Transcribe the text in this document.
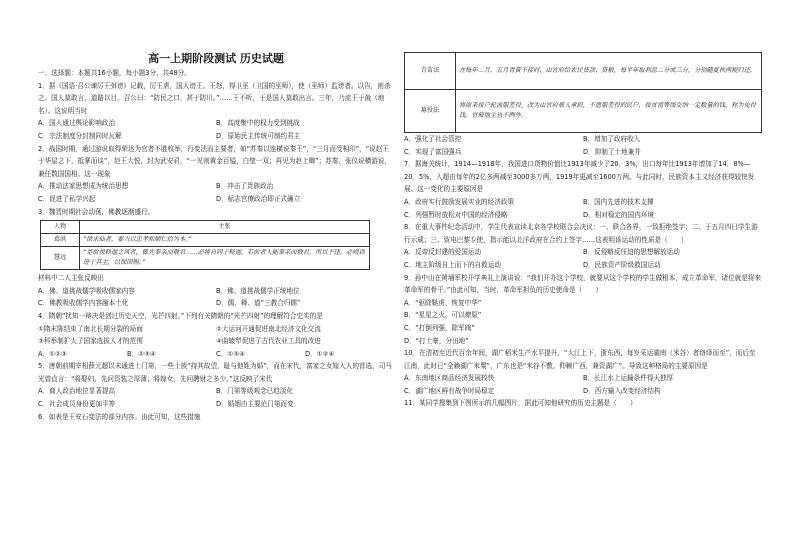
高一上期阶段测试 历史试题
一、选择题：本题共16小题，每小题3分，共48分。
1．据《国语·召公谏厉王弭谤》记载，厉王虐，国人谤王。王怒，得卫巫（卫国的巫师），使（巫师）监谤者。以告，则杀之。国人莫敢言，道路以目。召公曰：“防民之口，甚于防川。”……王不听，于是国人莫敢出言。三年，乃流王于彘（地名）。这说明当时
A．国人通过舆论影响政治	B．高度集中的权力受到挑战
C．宗法制度分封制同时瓦解	D．原始民主传统可制约君主
2．战国时期，通过游说取得荣达为官者不胜枚举，行变法而主要者，如“苏秦以连横说秦王”，“三月而受相印”，“说赵王于华屋之下，抵掌而谈”，赵王大悦，封为武安君，“一见则黄金百镒，白璧一双；再见为赵上卿”；苏秦、张仪说横游说，兼任数国国相。这一现象
A．推动法家思想成为统治思想	B．冲击了贵族政治
C．促进了私学兴起	D．标志官僚政治即正式确立
3．魏晋时期社会动荡，佛教逐渐盛行。
人物	主张
葛洪	“欲求仙者，要当以忠孝和顺仁信为本。”
慧远	“是故悦释迦之风者，辄先奉亲而敬君……必将自同于释迦，若前者人能奉亲而敬君，所以不违，必则训进于其主，以保国赐。”
材料中二人主张反映出
A．佛、道挑战儒学吸收儒家内容	B．佛、道挑战儒学正统地位
C．佛教吸收儒学内容融本土化	D．儒、释、道“三教合归儒”
4．隋朝“扰知一辩决是创过历史天空，光芒四射。”下列有关隋朝的“光芒四射”的理解符合史实的是
①隋末陈结束了南北长期分裂的局面	②大运河开通促进南北经济文化交流
③科举制扩大了国家选拔人才的范围	④曲辕犁促进了古代农业工具的改进
A．①②③	B．②③④	C．①③④	D．①②④
5．唐朝前期宰相薛元超以未通进士门第，一些士族“持其故望，耻与他姓为婚”，而在宋代，富家之女嫁入人的首选，司马光曾直言：“将娶妇，先问资装之厚薄；将嫁女，先问聘财之多少。”这反映了宋代
A．商人政治地位显著提高	B．门第等级观念已趋淡化
C．社会成员身份更加平等	D．婚姻由主要论门第而变
6．如表是王安石变法的部分内容。由此可知，这些措施
青苗法	在每年二月、五月青黄不接时，由官府给农民贷款、贷粮，每半年取利息二分或三分，分别随夏秋两税归还。
募役法	将原来按户轮流服差役，改为由官府雇人承担，不愿服差役的民户，按贫富等级交纳一定数量的钱，称为免役钱。官僚地主也不例外。
A．强化了社会管控	B．增加了政府收入
C．实现了富国强兵	D．抑制了土地兼并
7．据海关统计，1914—1918年，我国进口货物价值比1913年减少了20．3%，出口每年比1913年增加了14．8%—20．5%，入超由每年的2亿多两减至3000多万两，1919年更减至1600万两。与此同时，民族资本主义经济获得较快发展。这一变化的主要原因是
A．政府实行鼓励发展实业的经济政策	B．国内先进的技术支撑
C．列强暂时放松对中国的经济侵略	D．相对稳定的国内环境
8．在重大事件纪念活动中，学生代表宣读北京各学校联合会决议：一、联合各界，一致拒绝签字；二、于五月四日学生游行示威；三、致电巴黎专使，指示能以北洋政府在合约上签字……这表明该运动的性质是（　　）
A．反帝反封建的爱国运动	B．反侵略反压迫的思想解放运动
C．地主阶级自上而下的自救运动	D．民族资产阶级救国运动
9．孙中山在黄埔军校开学典礼上演讲说：“我们开办这个学校，就要从这个学校的学生做根本，成立革命军，诸位就是将来革命军的骨干。”由此可知，当时，革命军担负的历史使命是（　　）
A．“驱除鞑虏，恢复中华”
B．“星星之火，可以燎原”
C．“打倒列强，除军阀”
D．“打土豪，分田地”
10．在清初至近代百余年间，湖广稻米生产水平提升，“大江上下，浙东西，每岁采运湖南（米谷）者络绎而至”，而后至江南，此时已“全赖湖广米粟”，广东也是“米谷不敷，仰赖广西，兼资湖广”。导致这种格局的主要原因是
A．东南地区商品经济发展较快	B．长江水上运输条件得天独厚
C．湖广地区鲜有战争时局稳定	D．西方输入改变经济结构
11．某同学搜集到下图所示的几幅图片，据此可知他研究的历史主题是（　　）
